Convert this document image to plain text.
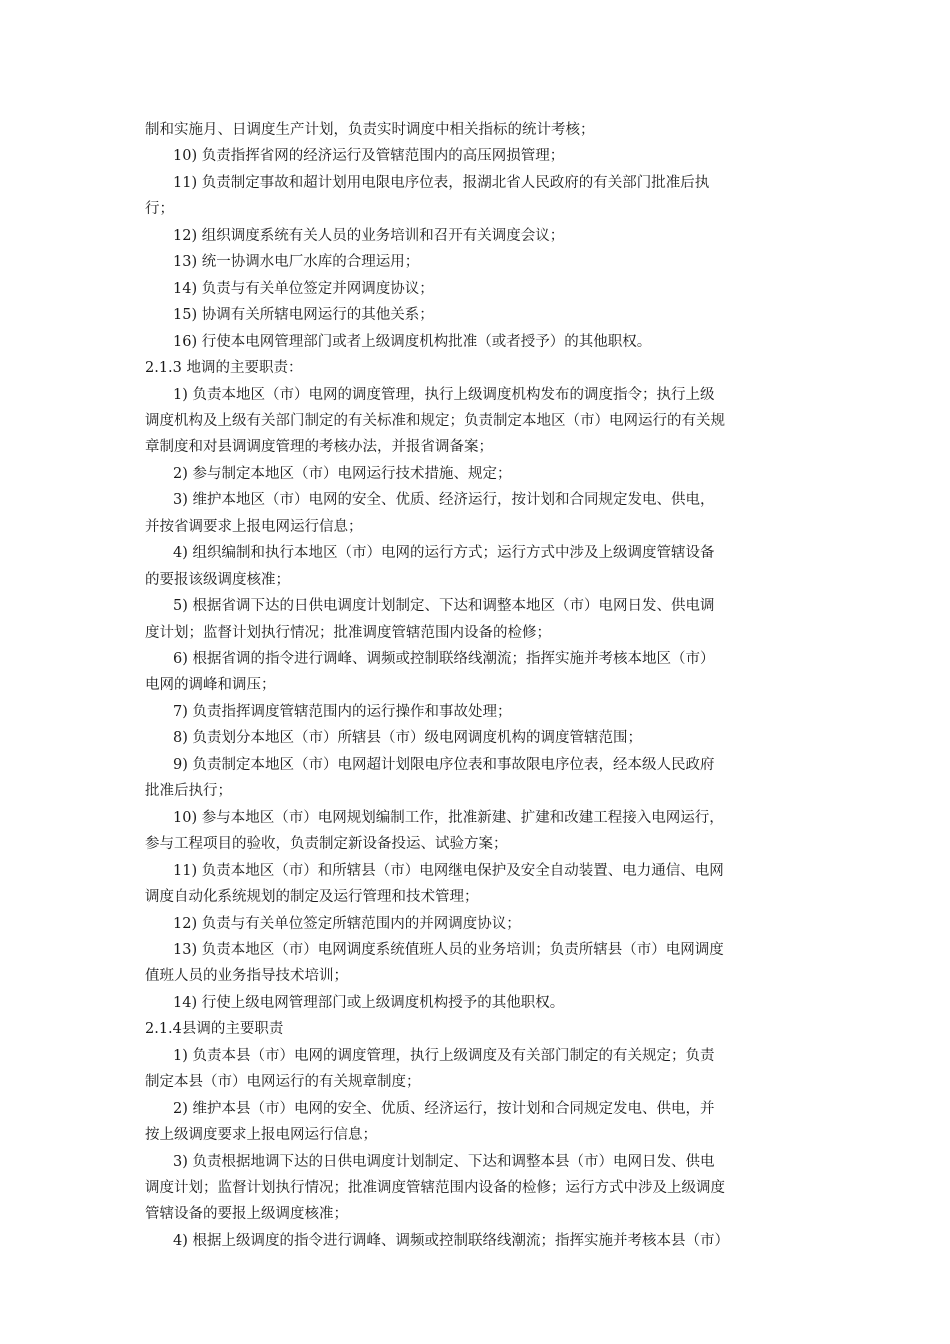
制和实施月、日调度生产计划，负责实时调度中相关指标的统计考核；
10) 负责指挥省网的经济运行及管辖范围内的高压网损管理；
11) 负责制定事故和超计划用电限电序位表，报湖北省人民政府的有关部门批准后执
行；
12) 组织调度系统有关人员的业务培训和召开有关调度会议；
13) 统一协调水电厂水库的合理运用；
14) 负责与有关单位签定并网调度协议；
15) 协调有关所辖电网运行的其他关系；
16) 行使本电网管理部门或者上级调度机构批准（或者授予）的其他职权。
2.1.3 地调的主要职责：
1) 负责本地区（市）电网的调度管理，执行上级调度机构发布的调度指令；执行上级
调度机构及上级有关部门制定的有关标准和规定；负责制定本地区（市）电网运行的有关规
章制度和对县调调度管理的考核办法，并报省调备案；
2) 参与制定本地区（市）电网运行技术措施、规定；
3) 维护本地区（市）电网的安全、优质、经济运行，按计划和合同规定发电、供电，
并按省调要求上报电网运行信息；
4) 组织编制和执行本地区（市）电网的运行方式；运行方式中涉及上级调度管辖设备
的要报该级调度核准；
5) 根据省调下达的日供电调度计划制定、下达和调整本地区（市）电网日发、供电调
度计划；监督计划执行情况；批准调度管辖范围内设备的检修；
6) 根据省调的指令进行调峰、调频或控制联络线潮流；指挥实施并考核本地区（市）
电网的调峰和调压；
7) 负责指挥调度管辖范围内的运行操作和事故处理；
8) 负责划分本地区（市）所辖县（市）级电网调度机构的调度管辖范围；
9) 负责制定本地区（市）电网超计划限电序位表和事故限电序位表，经本级人民政府
批准后执行；
10) 参与本地区（市）电网规划编制工作，批准新建、扩建和改建工程接入电网运行，
参与工程项目的验收，负责制定新设备投运、试验方案；
11) 负责本地区（市）和所辖县（市）电网继电保护及安全自动装置、电力通信、电网
调度自动化系统规划的制定及运行管理和技术管理；
12) 负责与有关单位签定所辖范围内的并网调度协议；
13) 负责本地区（市）电网调度系统值班人员的业务培训；负责所辖县（市）电网调度
值班人员的业务指导技术培训；
14) 行使上级电网管理部门或上级调度机构授予的其他职权。
2.1.4县调的主要职责
1) 负责本县（市）电网的调度管理，执行上级调度及有关部门制定的有关规定；负责
制定本县（市）电网运行的有关规章制度；
2) 维护本县（市）电网的安全、优质、经济运行，按计划和合同规定发电、供电，并
按上级调度要求上报电网运行信息；
3) 负责根据地调下达的日供电调度计划制定、下达和调整本县（市）电网日发、供电
调度计划；监督计划执行情况；批准调度管辖范围内设备的检修；运行方式中涉及上级调度
管辖设备的要报上级调度核准；
4) 根据上级调度的指令进行调峰、调频或控制联络线潮流；指挥实施并考核本县（市）
